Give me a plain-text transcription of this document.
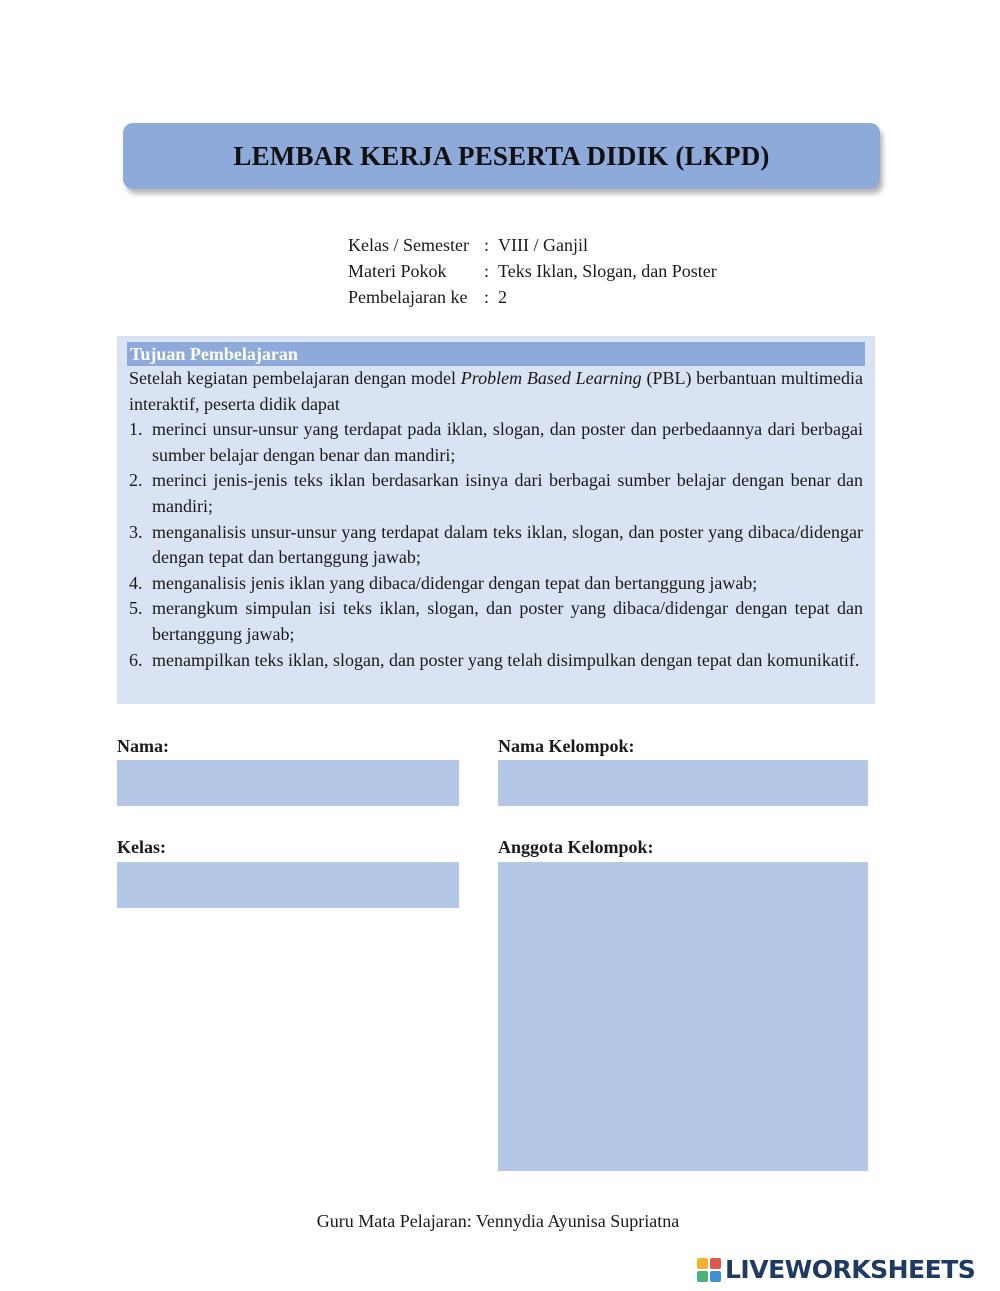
LEMBAR KERJA PESERTA DIDIK (LKPD)
Kelas / Semester : VIII / Ganjil
Materi Pokok	: Teks Iklan, Slogan, dan Poster
Pembelajaran ke : 2
Tujuan Pembelajaran

Setelah kegiatan pembelajaran dengan model Problem Based Learning (PBL) berbantuan multimedia interaktif, peserta didik dapat

1. merinci unsur-unsur yang terdapat pada iklan, slogan, dan poster dan perbedaannya dari berbagai sumber belajar dengan benar dan mandiri;
2. merinci jenis-jenis teks iklan berdasarkan isinya dari berbagai sumber belajar dengan benar dan mandiri;
3. menganalisis unsur-unsur yang terdapat dalam teks iklan, slogan, dan poster yang dibaca/didengar dengan tepat dan bertanggung jawab;
4. menganalisis jenis iklan yang dibaca/didengar dengan tepat dan bertanggung jawab;
5. merangkum simpulan isi teks iklan, slogan, dan poster yang dibaca/didengar dengan tepat dan bertanggung jawab;
6. menampilkan teks iklan, slogan, dan poster yang telah disimpulkan dengan tepat dan komunikatif.
Nama:	Nama Kelompok:
Kelas:	Anggota Kelompok:
Guru Mata Pelajaran: Vennydia Ayunisa Supriatna
LIVEWORKSHEETS
